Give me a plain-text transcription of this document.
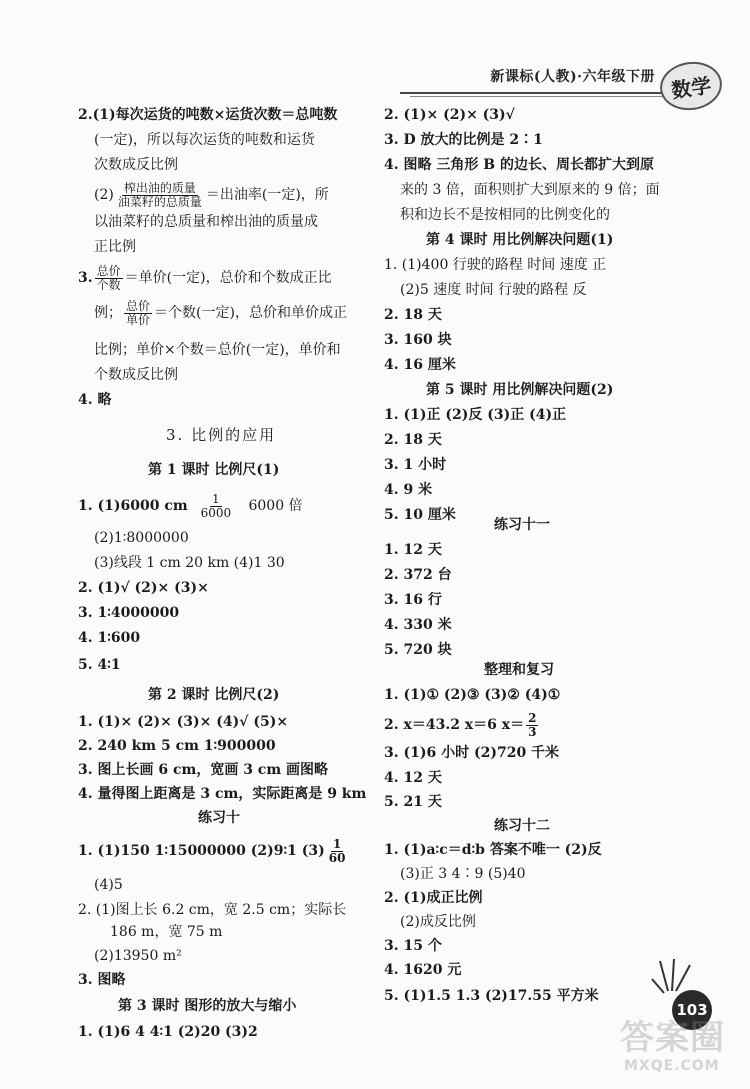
新课标(人教)·六年级下册 数学
2.(1)每次运货的吨数×运货次数＝总吨数
(一定)，所以每次运货的吨数和运货
次数成反比例
$(2) \frac{\text{榨出油的质量}}{\text{油菜籽的总质量}}$ ＝出油率(一定)，所
以油菜籽的总质量和榨出油的质量成
正比例
3. $\frac{\text{总价}}{\text{个数}}$ ＝单价(一定)，总价和个数成正比
例； $\frac{\text{总价}}{\text{单价}}$ ＝个数(一定)，总价和单价成正
比例；单价×个数＝总价(一定)，单价和
个数成反比例
4. 略
3. 比例的应用
第 1 课时 比例尺(1)
1. (1)6000 cm $\frac{1}{6000} 6000$ 倍
(2)1∶8000000
(3)线段 1 cm 20 km (4)1 30
2. (1)√ (2)× (3)×
3. 1∶4000000
4. 1∶600
5. 4∶1
第 2 课时 比例尺(2)
1. (1)× (2)× (3)× (4)√ (5)×
2. 240 km 5 cm 1∶900000
3. 图上长画 6 cm，宽画 3 cm 画图略
4. 量得图上距离是 3 cm，实际距离是 9 km
练习十
1. (1)150 1∶15000000 (2)9∶1 $(3) \frac{1}{60}$
(4)5
2. (1)图上长 6.2 cm，宽 2.5 cm；实际长
186 m，宽 75 m
(2)13950 m²
3. 图略
第 3 课时 图形的放大与缩小
1. (1)6 4 4∶1 (2)20 (3)2
2. (1)× (2)× (3)√
3. D 放大的比例是 2∶1
4. 图略 三角形 B 的边长、周长都扩大到原
来的 3 倍，面积则扩大到原来的 9 倍；面
积和边长不是按相同的比例变化的
第 4 课时 用比例解决问题(1)
1. (1)400 行驶的路程 时间 速度 正
(2)5 速度 时间 行驶的路程 反
2. 18 天
3. 160 块
4. 16 厘米
第 5 课时 用比例解决问题(2)
1. (1)正 (2)反 (3)正 (4)正
2. 18 天
3. 1 小时
4. 9 米
5. 10 厘米
练习十一
1. 12 天
2. 372 台
3. 16 行
4. 330 米
5. 720 块
整理和复习
1. (1)① (2)③ (3)② (4)①
2. x＝43.2 x＝6 $x= \frac{2}{3}$
3. (1)6 小时 (2)720 千米
4. 12 天
5. 21 天
练习十二
1. (1)a∶c＝d∶b 答案不唯一 (2)反
(3)正 3 4∶9 (5)40
2. (1)成正比例
(2)成反比例
3. 15 个
4. 1620 元
5. (1)1.5 1.3 (2)17.55 平方米
103
答案圈
MXQE.COM
